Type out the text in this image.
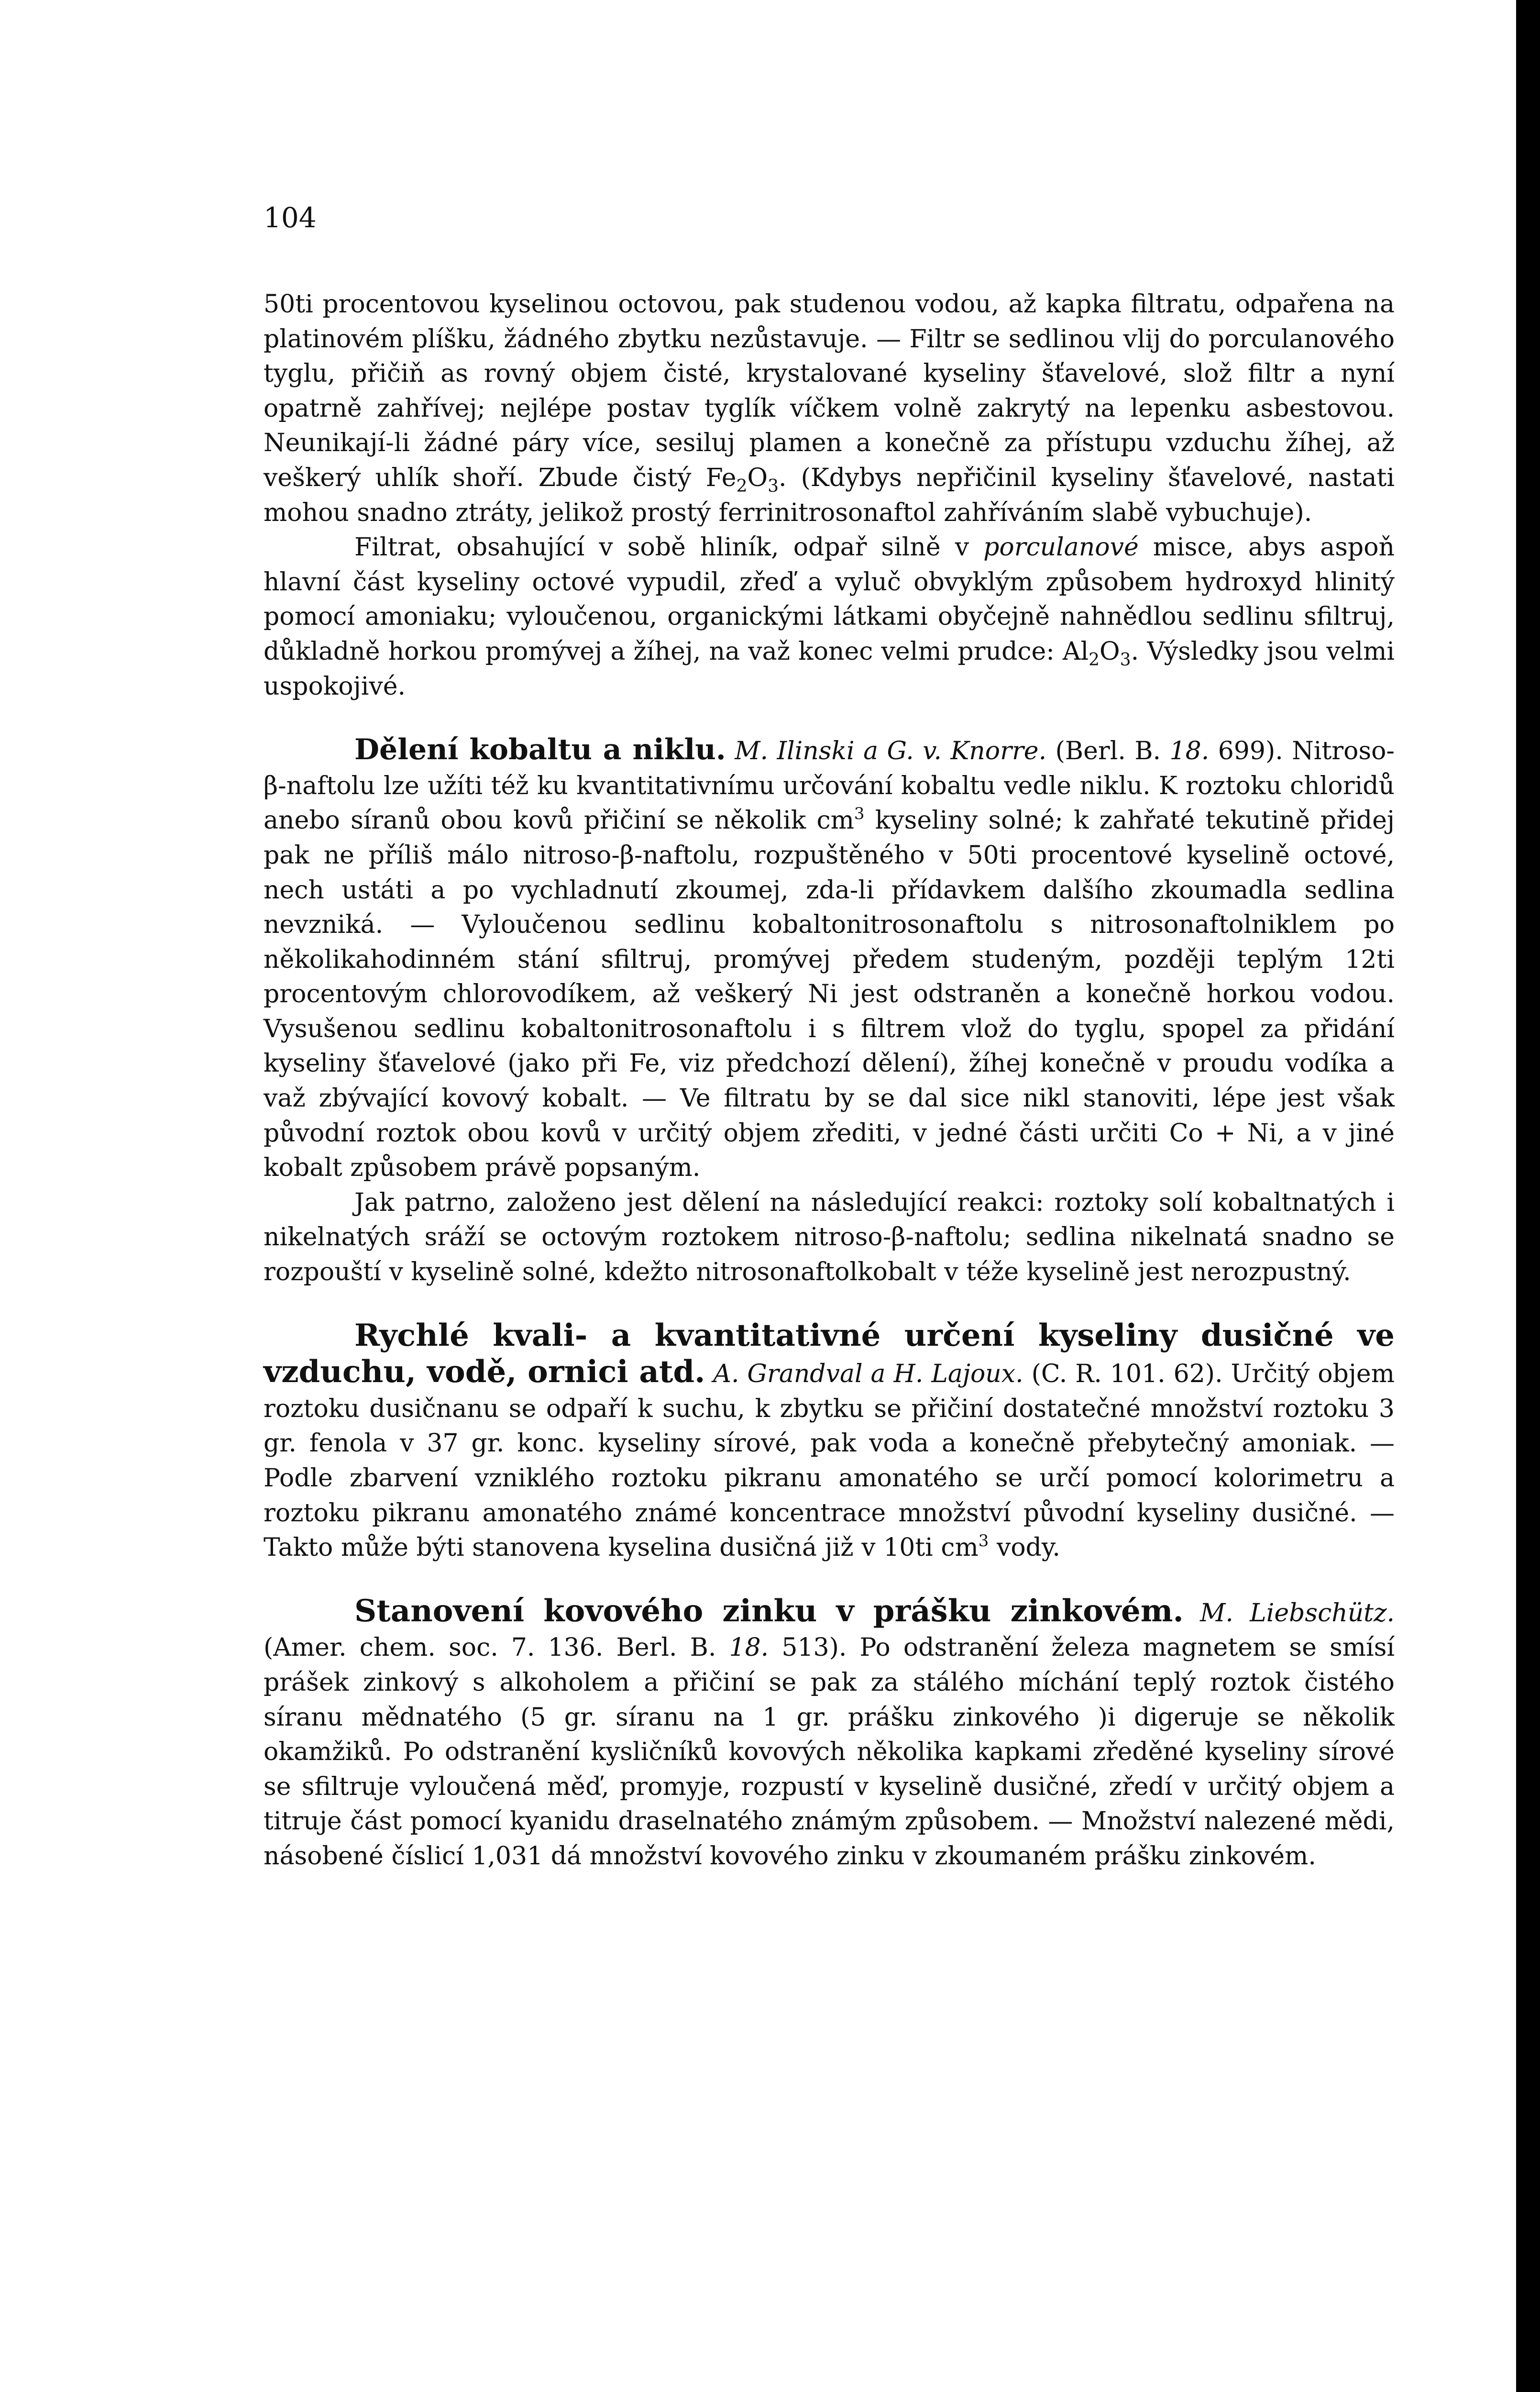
104

50ti procentovou kyselinou octovou, pak studenou vodou, až kapka filtratu, odpařena na platinovém plíšku, žádného zbytku nezůstavuje. — Filtr se sedlinou vlij do porculanového tyglu, přičiň as rovný objem čisté, krystalované kyseliny šťavelové, slož filtr a nyní opatrně zahřívej; nejlépe postav tyglík víčkem volně zakrytý na lepenku asbestovou. Neunikají-li žádné páry více, sesiluj plamen a konečně za přístupu vzduchu žíhej, až veškerý uhlík shoří. Zbude čistý $Fe_2O_3$. (Kdybys nepřičinil kyseliny šťavelové, nastati mohou snadno ztráty, jelikož prostý ferrinitrosonaftol zahříváním slabě vybuchuje).

Filtrat, obsahující v sobě hliník, odpař silně v porculanové misce, abys aspoň hlavní část kyseliny octové vypudil, zřeď a vyluč obvyklým způsobem hydroxyd hlinitý pomocí amoniaku; vyloučenou, organickými látkami obyčejně nahnědlou sedlinu sfiltruj, důkladně horkou promývej a žíhej, na važ konec velmi prudce: $Al_2O_3$. Výsledky jsou velmi uspokojivé.

Dělení kobaltu a niklu. M. Ilinski a G. v. Knorre. (Berl. B. 18. 699). Nitroso-β-naftolu lze užíti též ku kvantitativnímu určování kobaltu vedle niklu. K roztoku chloridů anebo síranů obou kovů přičiní se několik $cm^3$ kyseliny solné; k zahřaté tekutině přidej pak ne příliš málo nitroso-β-naftolu, rozpuštěného v 50ti procentové kyselině octové, nech ustáti a po vychladnutí zkoumej, zda-li přídavkem dalšího zkoumadla sedlina nevzniká. — Vyloučenou sedlinu kobaltonitrosonaftolu s nitrosonaftolniklem po několikahodinném stání sfiltruj, promývej předem studeným, později teplým 12ti procentovým chlorovodíkem, až veškerý Ni jest odstraněn a konečně horkou vodou. Vysušenou sedlinu kobaltonitrosonaftolu i s filtrem vlož do tyglu, spopel za přidání kyseliny šťavelové (jako při Fe, viz předchozí dělení), žíhej konečně v proudu vodíka a važ zbývající kovový kobalt. — Ve filtratu by se dal sice nikl stanoviti, lépe jest však původní roztok obou kovů v určitý objem zřediti, v jedné části určiti Co + Ni, a v jiné kobalt způsobem právě popsaným.

Jak patrno, založeno jest dělení na následující reakci: roztoky solí kobaltnatých i nikelnatých sráží se octovým roztokem nitroso-β-naftolu; sedlina nikelnatá snadno se rozpouští v kyselině solné, kdežto nitrosonaftolkobalt v téže kyselině jest nerozpustný.

Rychlé kvali- a kvantitativné určení kyseliny dusičné ve vzduchu, vodě, ornici atd. A. Grandval a H. Lajoux. (C. R. 101. 62). Určitý objem roztoku dusičnanu se odpaří k suchu, k zbytku se přičiní dostatečné množství roztoku 3 gr. fenola v 37 gr. konc. kyseliny sírové, pak voda a konečně přebytečný amoniak. — Podle zbarvení vzniklého roztoku pikranu amonatého se určí pomocí kolorimetru a roztoku pikranu amonatého známé koncentrace množství původní kyseliny dusičné. — Takto může býti stanovena kyselina dusičná již v 10ti $cm^3$ vody.

Stanovení kovového zinku v prášku zinkovém. M. Liebschütz. (Amer. chem. soc. 7. 136. Berl. B. 18. 513). Po odstranění železa magnetem se smísí prášek zinkový s alkoholem a přičiní se pak za stálého míchání teplý roztok čistého síranu mědnatého (5 gr. síranu na 1 gr. prášku zinkového )i digeruje se několik okamžiků. Po odstranění kysličníků kovových několika kapkami zředěné kyseliny sírové se sfiltruje vyloučená měď, promyje, rozpustí v kyselině dusičné, zředí v určitý objem a titruje část pomocí kyanidu draselnatého známým způsobem. — Množství nalezené mědi, násobené číslicí 1,031 dá množství kovového zinku v zkoumaném prášku zinkovém.
